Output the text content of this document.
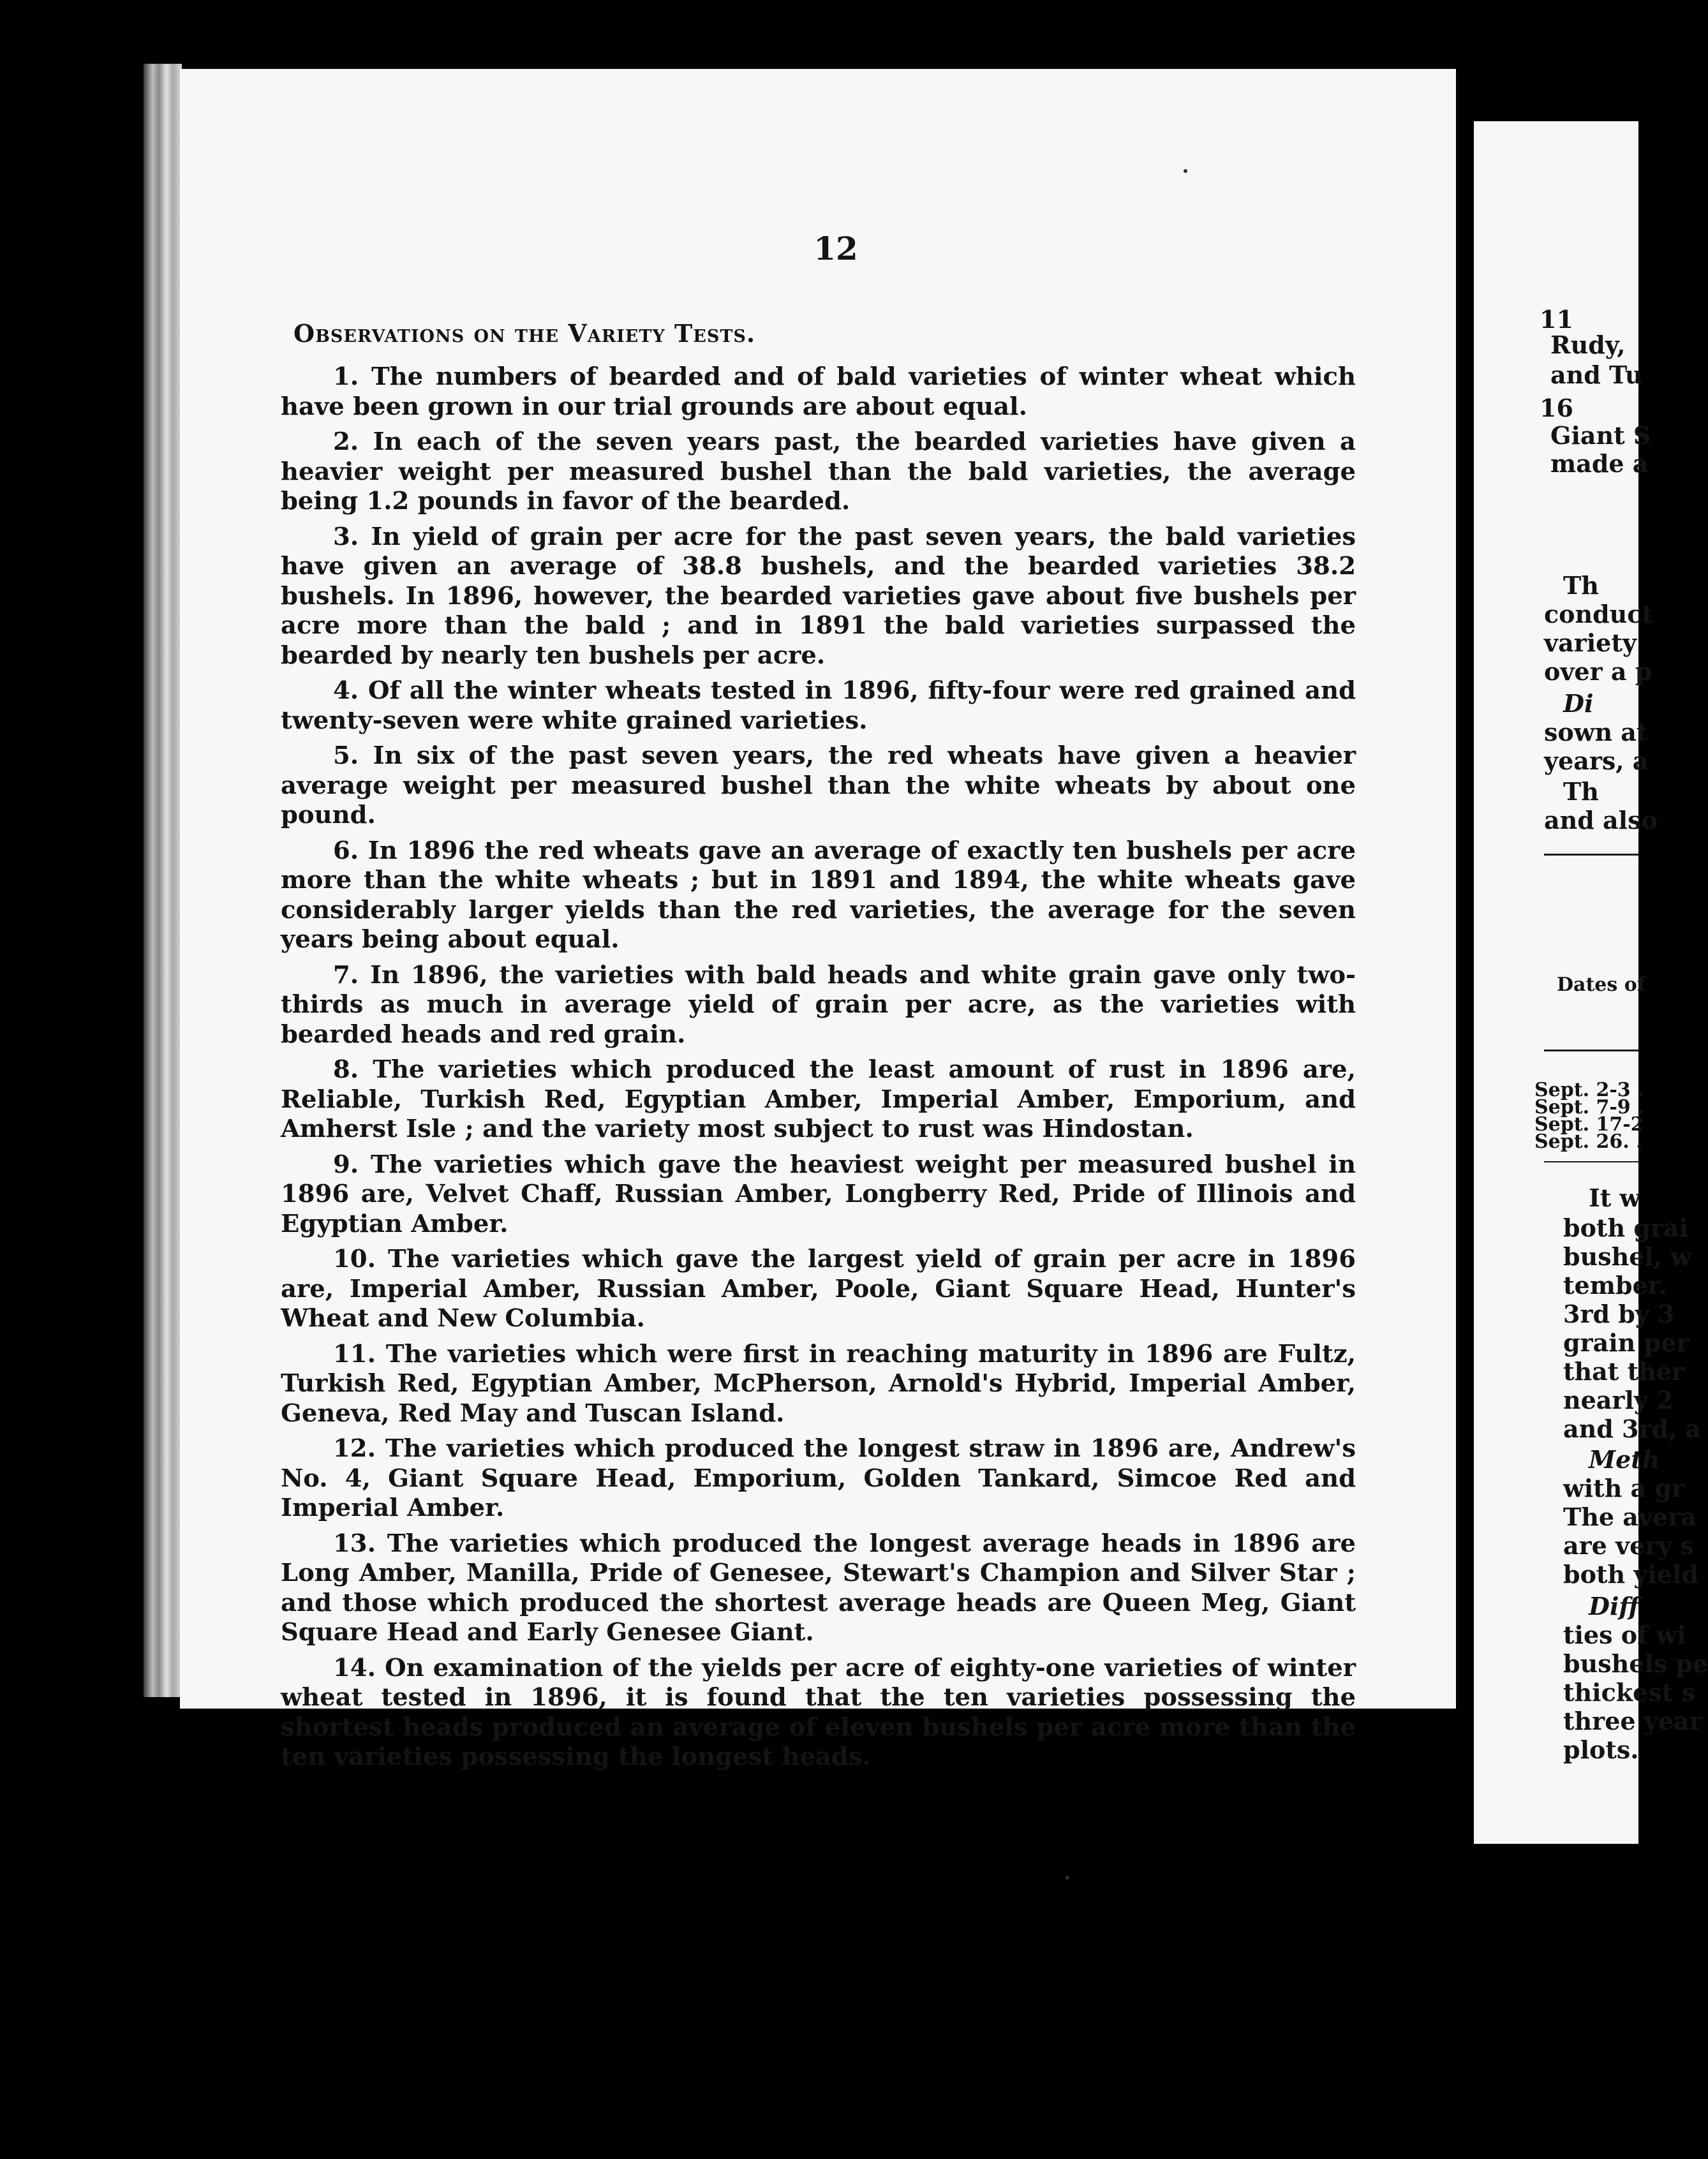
12
Observations on the Variety Tests.

1. The numbers of bearded and of bald varieties of winter wheat which have been grown in our trial grounds are about equal.

2. In each of the seven years past, the bearded varieties have given a heavier weight per measured bushel than the bald varieties, the average being 1.2 pounds in favor of the bearded.

3. In yield of grain per acre for the past seven years, the bald varieties have given an average of 38.8 bushels, and the bearded varieties 38.2 bushels. In 1896, however, the bearded varieties gave about five bushels per acre more than the bald ; and in 1891 the bald varieties surpassed the bearded by nearly ten bushels per acre.

4. Of all the winter wheats tested in 1896, fifty-four were red grained and twenty-seven were white grained varieties.

5. In six of the past seven years, the red wheats have given a heavier average weight per measured bushel than the white wheats by about one pound.

6. In 1896 the red wheats gave an average of exactly ten bushels per acre more than the white wheats ; but in 1891 and 1894, the white wheats gave considerably larger yields than the red varieties, the average for the seven years being about equal.

7. In 1896, the varieties with bald heads and white grain gave only two-thirds as much in average yield of grain per acre, as the varieties with bearded heads and red grain.

8. The varieties which produced the least amount of rust in 1896 are, Reliable, Turkish Red, Egyptian Amber, Imperial Amber, Emporium, and Amherst Isle ; and the variety most subject to rust was Hindostan.

9. The varieties which gave the heaviest weight per measured bushel in 1896 are, Velvet Chaff, Russian Amber, Longberry Red, Pride of Illinois and Egyptian Amber.

10. The varieties which gave the largest yield of grain per acre in 1896 are, Imperial Amber, Russian Amber, Poole, Giant Square Head, Hunter's Wheat and New Columbia.

11. The varieties which were first in reaching maturity in 1896 are Fultz, Turkish Red, Egyptian Amber, McPherson, Arnold's Hybrid, Imperial Amber, Geneva, Red May and Tuscan Island.

12. The varieties which produced the longest straw in 1896 are, Andrew's No. 4, Giant Square Head, Emporium, Golden Tankard, Simcoe Red and Imperial Amber.

13. The varieties which produced the longest average heads in 1896 are Long Amber, Manilla, Pride of Genesee, Stewart's Champion and Silver Star ; and those which produced the shortest average heads are Queen Meg, Giant Square Head and Early Genesee Giant.

14. On examination of the yields per acre of eighty-one varieties of winter wheat tested in 1896, it is found that the ten varieties possessing the shortest heads produced an average of eleven bushels per acre more than the ten varieties possessing the longest heads.

11
Rudy,
and Tu
16
Giant S
made a
Th
conduct
variety
over a p
Di
sown at
years, a
Th
and also
Dates of
Sept. 2-3 .
Sept. 7-9 .
Sept. 17-2
Sept. 26. .
It w
both grai
bushel, w
tember.
3rd by 3
grain per
that ther
nearly 2
and 3rd, a
Meth
with a gr
The avera
are very s
both yield
Diff
ties of wi
bushels pe
thickest s
three year
plots.
